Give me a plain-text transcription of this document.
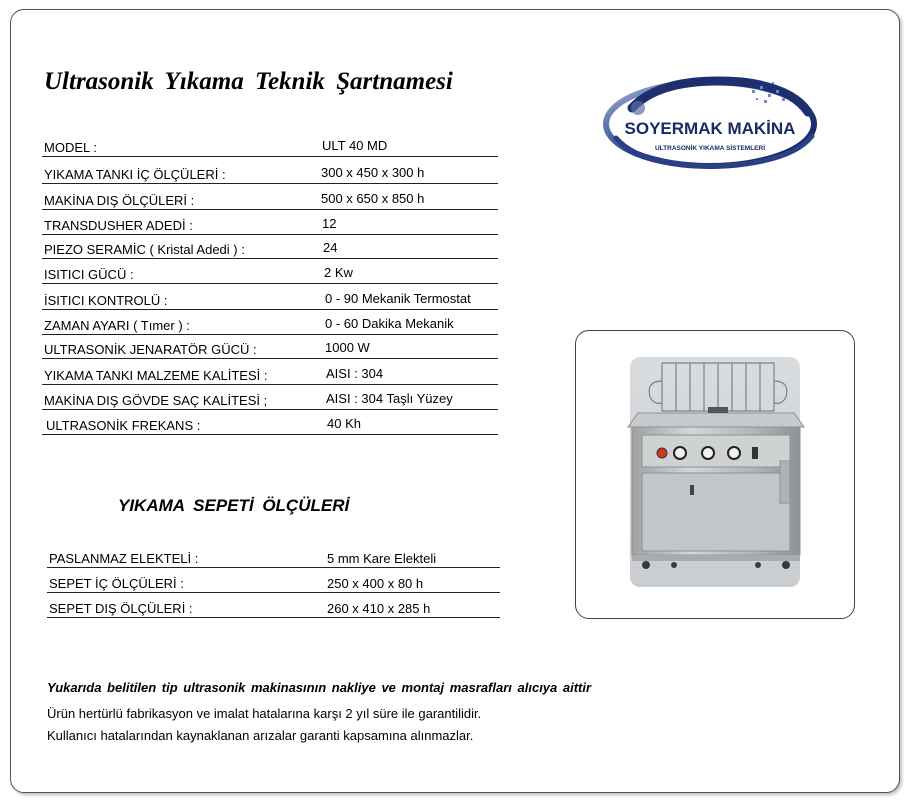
Ultrasonik Yıkama Teknik Şartnamesi
MODEL :	ULT 40 MD
YIKAMA TANKI İÇ ÖLÇÜLERİ :	300 x 450 x 300 h
MAKİNA DIŞ ÖLÇÜLERİ :	500 x 650 x 850 h
TRANSDUSHER ADEDİ :	12
PIEZO SERAMİC ( Kristal Adedi ) :	24
ISITICI GÜCÜ :	2 Kw
İSITICI KONTROLÜ :	0 - 90 Mekanik Termostat
ZAMAN AYARI ( Tımer ) :	0 - 60 Dakika Mekanik
ULTRASONİK JENARATÖR GÜCÜ :	1000 W
YIKAMA TANKI MALZEME KALİTESİ :	AISI : 304
MAKİNA DIŞ GÖVDE SAÇ KALİTESİ ;	AISI : 304 Taşlı Yüzey
ULTRASONİK FREKANS :	40 Kh
YIKAMA SEPETİ ÖLÇÜLERİ
PASLANMAZ ELEKTELİ :	5 mm Kare Elekteli
SEPET İÇ ÖLÇÜLERİ :	250 x 400 x 80 h
SEPET DIŞ ÖLÇÜLERİ :	260 x 410 x 285 h
SOYERMAK MAKİNA
ULTRASONİK YIKAMA SİSTEMLERİ
Yukarıda belitilen tip ultrasonik makinasının nakliye ve montaj masrafları alıcıya aittir
Ürün hertürlü fabrikasyon ve imalat hatalarına karşı 2 yıl süre ile garantilidir.
Kullanıcı hatalarından kaynaklanan arızalar garanti kapsamına alınmazlar.
